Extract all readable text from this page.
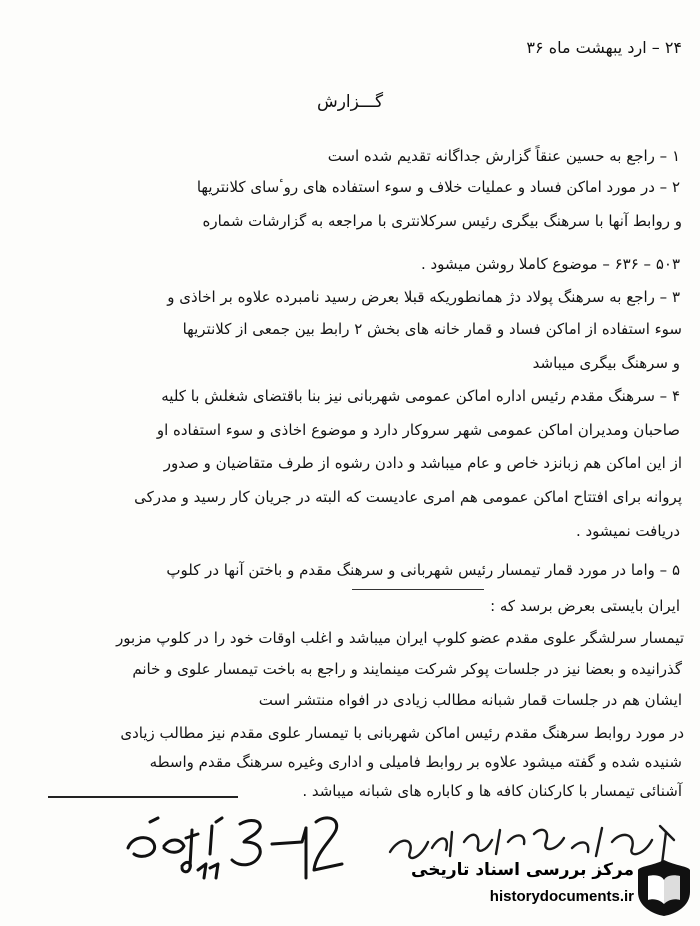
۲۴ – ارد یبهشت ماه ۳۶
گـــزارش
۱ – راجع به حسین عنقاً گزارش جداگانه تقدیم شده است
۲ – در مورد اماکن فساد و عملیات خلاف و سوء استفاده های روٴسای کلانتریها
و روابط آنها با سرهنگ بیگری رئیس سرکلانتری با مراجعه به گزارشات شماره
۵۰۳ – ۶۳۶ – موضوع کاملا روشن میشود .
۳ – راجع به سرهنگ پولاد دژ همانطوریکه قبلا بعرض رسید نامبرده علاوه بر اخاذی و
سوء استفاده از اماکن فساد و قمار خانه های بخش ۲ رابط بین جمعی از کلانتریها
و سرهنگ بیگری میباشد
۴ – سرهنگ مقدم رئیس اداره اماکن عمومی شهربانی نیز بنا باقتضای شغلش با کلیه
صاحبان ومدیران اماکن عمومی شهر سروکار دارد و موضوع اخاذی و سوء استفاده او
از این اماکن هم زبانزد خاص و عام میباشد و دادن رشوه از طرف متقاضیان و صدور
پروانه برای افتتاح اماکن عمومی هم امری عادیست که البته در جریان کار رسید و مدرکی
دریافت نمیشود .
۵ – واما در مورد قمار تیمسار رئیس شهربانی و سرهنگ مقدم و باختن آنها در کلوپ
ایران بایستی بعرض برسد که :
تیمسار سرلشگر علوی مقدم عضو کلوپ ایران میباشد و اغلب اوقات خود را در کلوپ مزبور
گذرانیده و بعضا نیز در جلسات پوکر شرکت مینمایند و راجع به باخت تیمسار علوی و خانم
ایشان هم در جلسات قمار شبانه مطالب زیادی در افواه منتشر است
در مورد روابط سرهنگ مقدم رئیس اماکن شهربانی با تیمسار علوی مقدم نیز مطالب زیادی
شنیده شده و گفته میشود علاوه بر روابط فامیلی و اداری وغیره سرهنگ مقدم واسطه
آشنائی تیمسار با کارکنان کافه ها و کاباره های شبانه میباشد .
مرکز بررسی اسناد تاریخی
historydocuments.ir
